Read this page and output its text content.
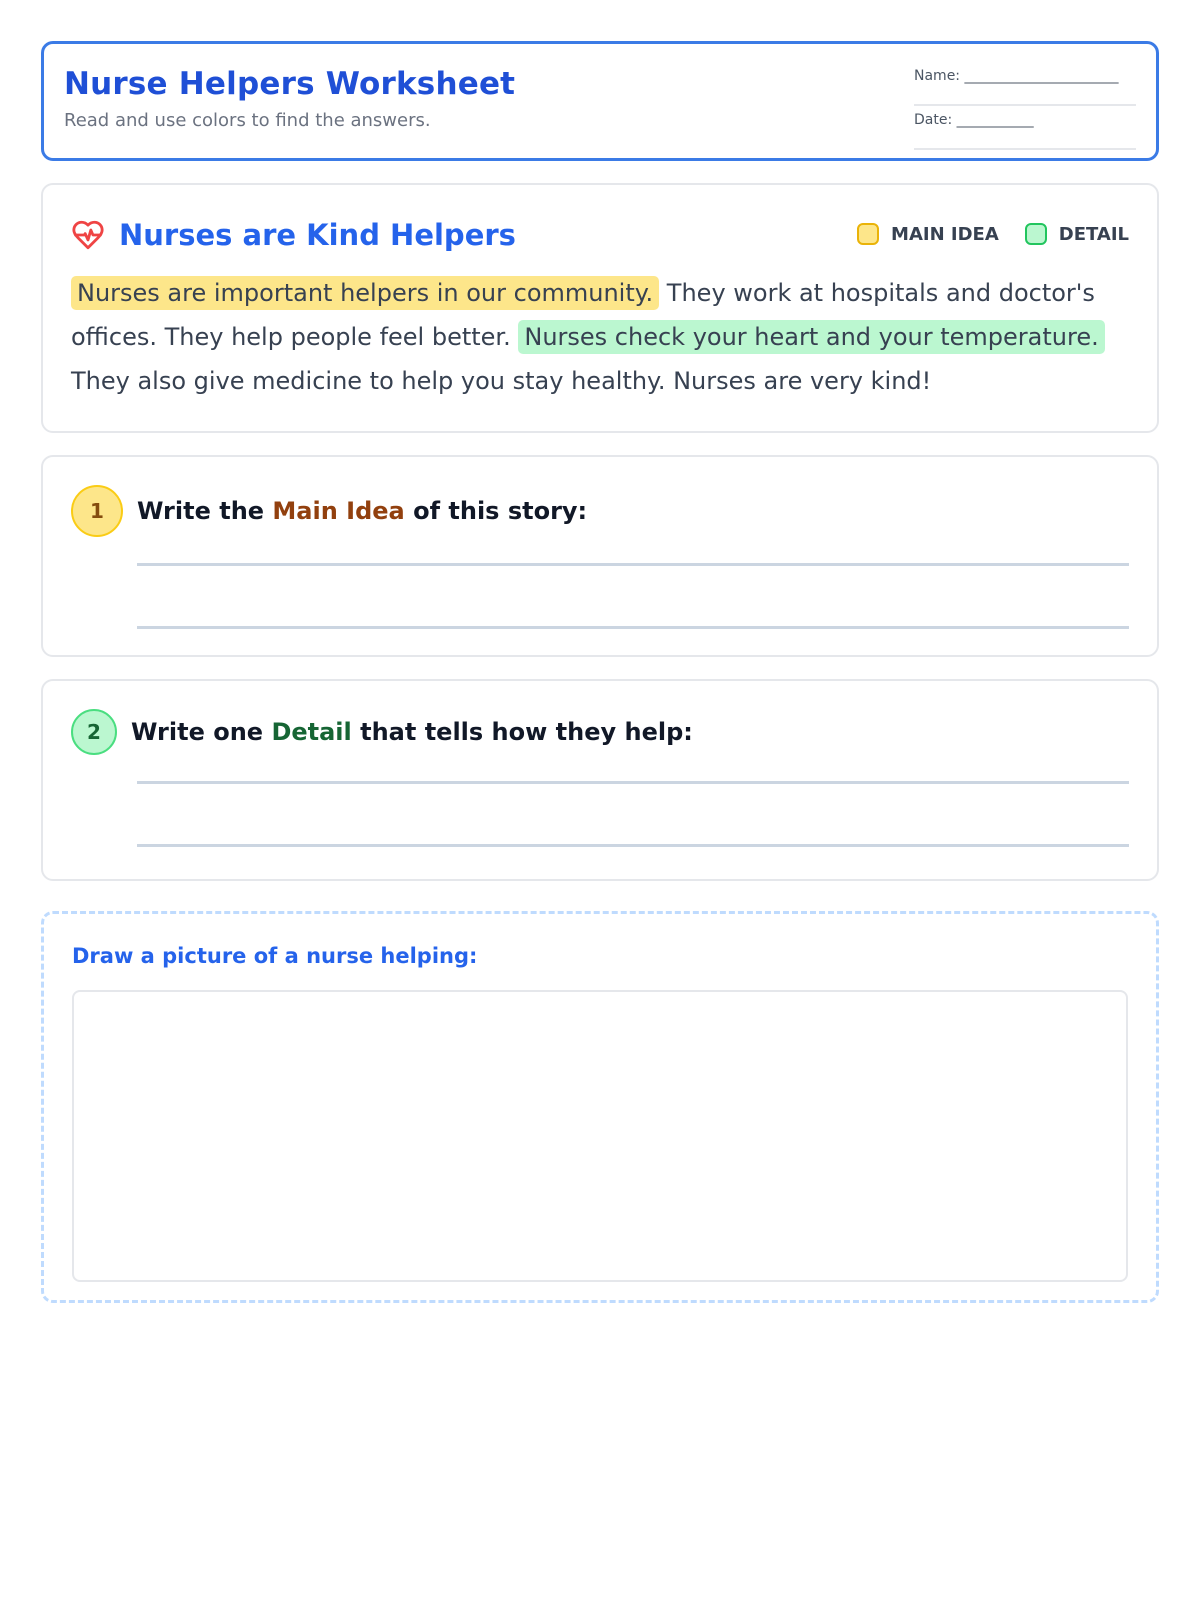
Nurse Helpers Worksheet
Read and use colors to find the answers.
Name: ______________________
Date: ___________
Nurses are Kind Helpers	MAIN IDEA	DETAIL
Nurses are important helpers in our community. They work at hospitals and doctor's offices. They help people feel better. Nurses check your heart and your temperature. They also give medicine to help you stay healthy. Nurses are very kind!
1	Write the Main Idea of this story:
2	Write one Detail that tells how they help:
Draw a picture of a nurse helping:
